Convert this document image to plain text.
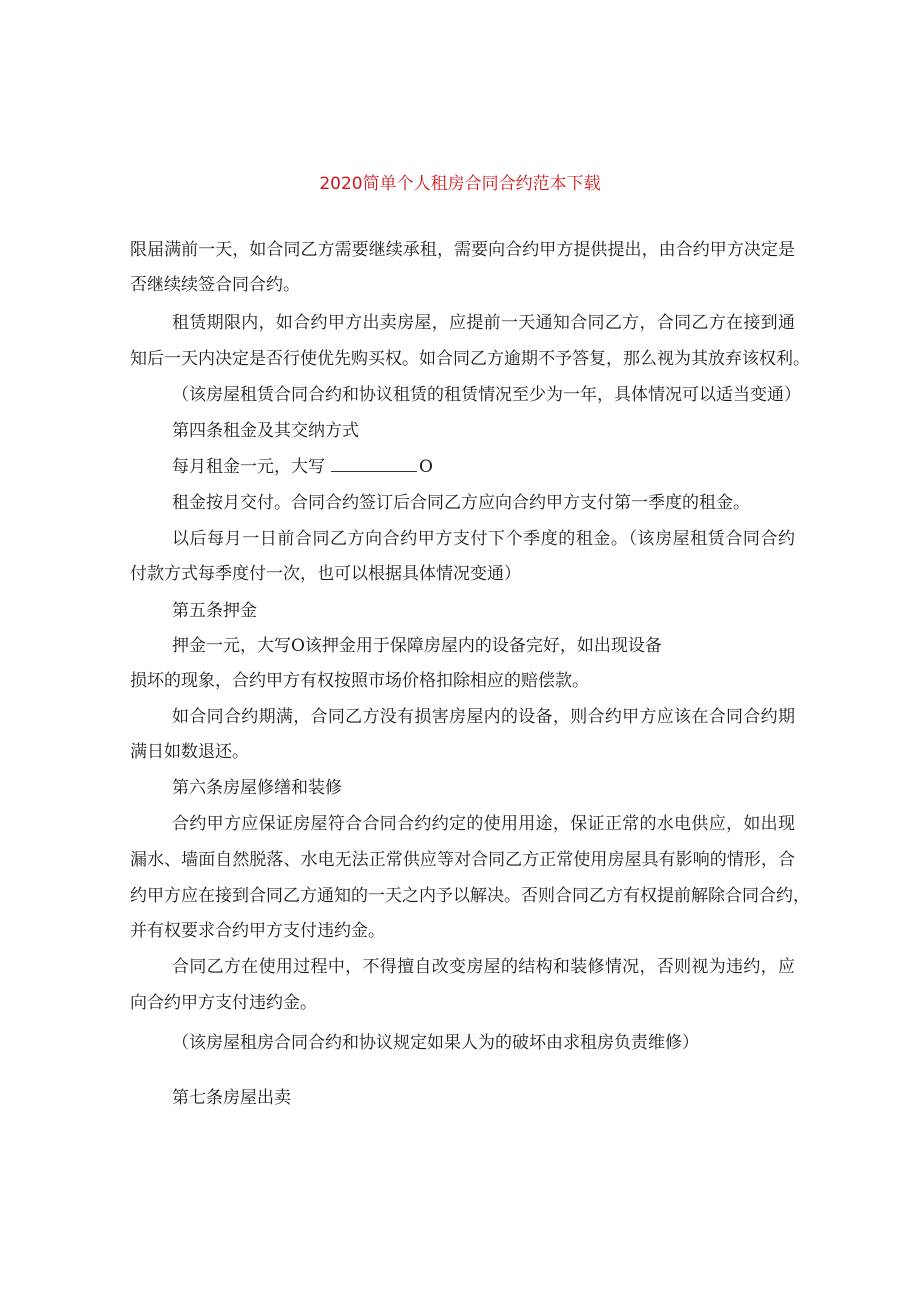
2020简单个人租房合同合约范本下载
限届满前一天，如合同乙方需要继续承租，需要向合约甲方提供提出，由合约甲方决定是
否继续续签合同合约。
租赁期限内，如合约甲方出卖房屋，应提前一天通知合同乙方，合同乙方在接到通
知后一天内决定是否行使优先购买权。如合同乙方逾期不予答复，那么视为其放弃该权利。
（该房屋租赁合同合约和协议租赁的租赁情况至少为一年，具体情况可以适当变通）
第四条租金及其交纳方式
每月租金一元，大写	O
租金按月交付。合同合约签订后合同乙方应向合约甲方支付第一季度的租金。
以后每月一日前合同乙方向合约甲方支付下个季度的租金。（该房屋租赁合同合约
付款方式每季度付一次，也可以根据具体情况变通）
第五条押金
押金一元，大写O该押金用于保障房屋内的设备完好，如出现设备
损坏的现象，合约甲方有权按照市场价格扣除相应的赔偿款。
如合同合约期满，合同乙方没有损害房屋内的设备，则合约甲方应该在合同合约期
满日如数退还。
第六条房屋修缮和装修
合约甲方应保证房屋符合合同合约约定的使用用途，保证正常的水电供应，如出现
漏水、墙面自然脱落、水电无法正常供应等对合同乙方正常使用房屋具有影响的情形，合
约甲方应在接到合同乙方通知的一天之内予以解决。否则合同乙方有权提前解除合同合约，
并有权要求合约甲方支付违约金。
合同乙方在使用过程中，不得擅自改变房屋的结构和装修情况，否则视为违约，应
向合约甲方支付违约金。
（该房屋租房合同合约和协议规定如果人为的破坏由求租房负责维修）
第七条房屋出卖
